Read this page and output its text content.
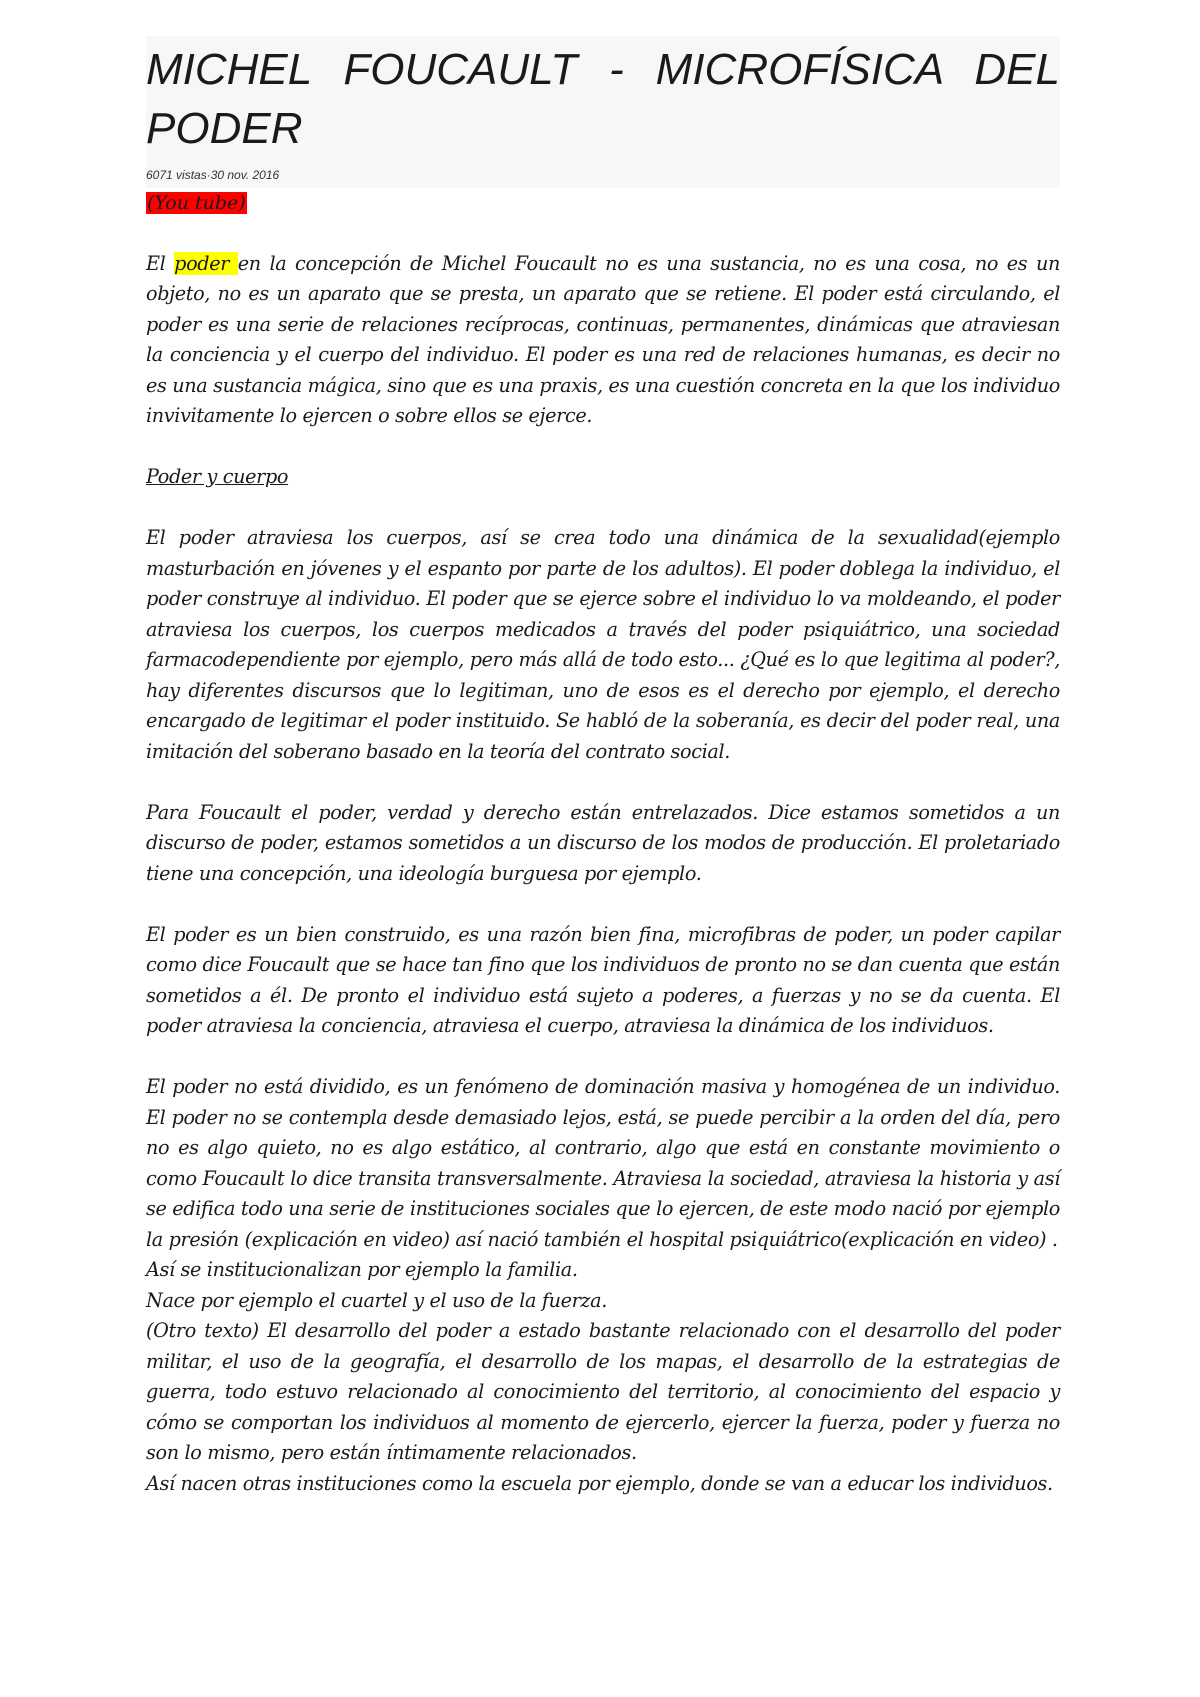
MICHEL FOUCAULT - MICROFÍSICA DEL PODER
6071 vistas·30 nov. 2016
(You tube)

El poder en la concepción de Michel Foucault no es una sustancia, no es una cosa, no es un objeto, no es un aparato que se presta, un aparato que se retiene. El poder está circulando, el poder es una serie de relaciones recíprocas, continuas, permanentes, dinámicas que atraviesan la conciencia y el cuerpo del individuo. El poder es una red de relaciones humanas, es decir no es una sustancia mágica, sino que es una praxis, es una cuestión concreta en la que los individuo invivitamente lo ejercen o sobre ellos se ejerce.

Poder y cuerpo

El poder atraviesa los cuerpos, así se crea todo una dinámica de la sexualidad(ejemplo masturbación en jóvenes y el espanto por parte de los adultos). El poder doblega la individuo, el poder construye al individuo. El poder que se ejerce sobre el individuo lo va moldeando, el poder atraviesa los cuerpos, los cuerpos medicados a través del poder psiquiátrico, una sociedad farmacodependiente por ejemplo, pero más allá de todo esto... ¿Qué es lo que legitima al poder?, hay diferentes discursos que lo legitiman, uno de esos es el derecho por ejemplo, el derecho encargado de legitimar el poder instituido. Se habló de la soberanía, es decir del poder real, una imitación del soberano basado en la teoría del contrato social.

Para Foucault el poder, verdad y derecho están entrelazados. Dice estamos sometidos a un discurso de poder, estamos sometidos a un discurso de los modos de producción. El proletariado tiene una concepción, una ideología burguesa por ejemplo.

El poder es un bien construido, es una razón bien fina, microfibras de poder, un poder capilar como dice Foucault que se hace tan fino que los individuos de pronto no se dan cuenta que están sometidos a él. De pronto el individuo está sujeto a poderes, a fuerzas y no se da cuenta. El poder atraviesa la conciencia, atraviesa el cuerpo, atraviesa la dinámica de los individuos.

El poder no está dividido, es un fenómeno de dominación masiva y homogénea de un individuo. El poder no se contempla desde demasiado lejos, está, se puede percibir a la orden del día, pero no es algo quieto, no es algo estático, al contrario, algo que está en constante movimiento o como Foucault lo dice transita transversalmente. Atraviesa la sociedad, atraviesa la historia y así se edifica todo una serie de instituciones sociales que lo ejercen, de este modo nació por ejemplo la presión (explicación en video) así nació también el hospital psiquiátrico(explicación en video) .

Así se institucionalizan por ejemplo la familia.

Nace por ejemplo el cuartel y el uso de la fuerza.

(Otro texto) El desarrollo del poder a estado bastante relacionado con el desarrollo del poder militar, el uso de la geografía, el desarrollo de los mapas, el desarrollo de la estrategias de guerra, todo estuvo relacionado al conocimiento del territorio, al conocimiento del espacio y cómo se comportan los individuos al momento de ejercerlo, ejercer la fuerza, poder y fuerza no son lo mismo, pero están íntimamente relacionados.

Así nacen otras instituciones como la escuela por ejemplo, donde se van a educar los individuos.
